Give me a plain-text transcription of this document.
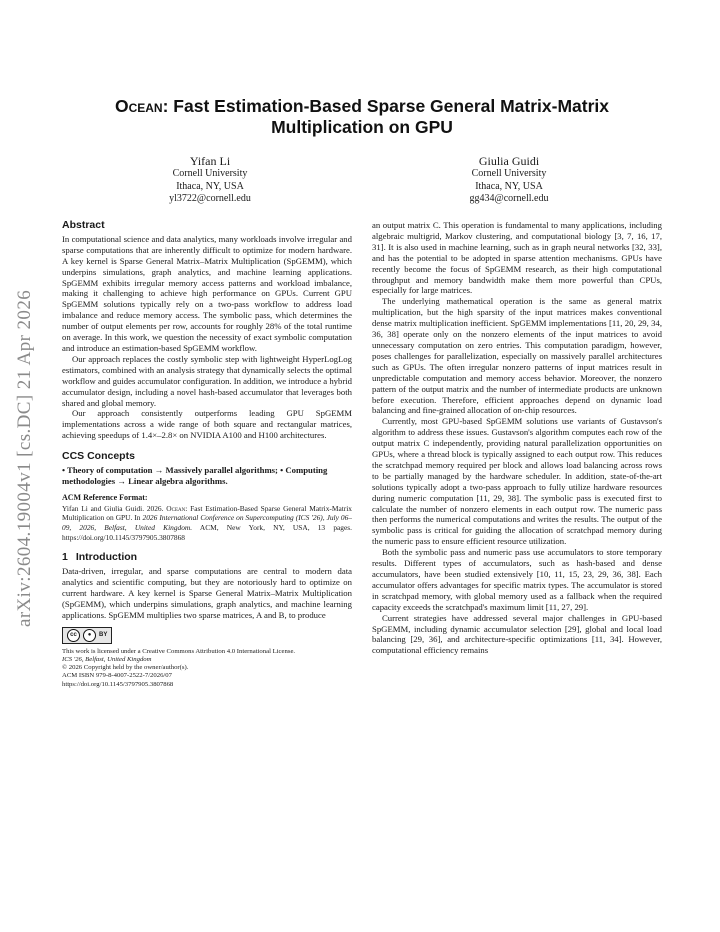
arXiv:2604.19004v1 [cs.DC] 21 Apr 2026
Ocean: Fast Estimation-Based Sparse General Matrix-Matrix Multiplication on GPU
Yifan Li
Cornell University
Ithaca, NY, USA
yl3722@cornell.edu
Giulia Guidi
Cornell University
Ithaca, NY, USA
gg434@cornell.edu
Abstract

In computational science and data analytics, many workloads involve irregular and sparse computations that are inherently difficult to optimize for modern hardware. A key kernel is Sparse General Matrix–Matrix Multiplication (SpGEMM), which underpins simulations, graph analytics, and machine learning applications. SpGEMM exhibits irregular memory access patterns and workload imbalance, making it challenging to achieve high performance on GPUs. Current GPU SpGEMM solutions typically rely on a two-pass workflow to address load imbalance and reduce memory access. The symbolic pass, which determines the number of output elements per row, accounts for roughly 28% of the total runtime on average. In this work, we question the necessity of exact symbolic computation and introduce an estimation-based SpGEMM workflow.

Our approach replaces the costly symbolic step with lightweight HyperLogLog estimators, combined with an analysis strategy that dynamically selects the optimal workflow and guides accumulator configuration. In addition, we introduce a hybrid accumulator design, including a novel hash-based accumulator that leverages both shared and global memory.

Our approach consistently outperforms leading GPU SpGEMM implementations across a wide range of both square and rectangular matrices, achieving speedups of 1.4×–2.8× on NVIDIA A100 and H100 architectures.

CCS Concepts

• Theory of computation → Massively parallel algorithms; • Computing methodologies → Linear algebra algorithms.

ACM Reference Format:

Yifan Li and Giulia Guidi. 2026. Ocean: Fast Estimation-Based Sparse General Matrix-Matrix Multiplication on GPU. In 2026 International Conference on Supercomputing (ICS '26), July 06–09, 2026, Belfast, United Kingdom. ACM, New York, NY, USA, 13 pages. https://doi.org/10.1145/3797905.3807868

1 Introduction

Data-driven, irregular, and sparse computations are central to modern data analytics and scientific computing, but they are notoriously hard to optimize on current hardware. A key kernel is Sparse General Matrix–Matrix Multiplication (SpGEMM), which underpins simulations, graph analytics, and machine learning applications. SpGEMM multiplies two sparse matrices, A and B, to produce

cc	●	BY
This work is licensed under a Creative Commons Attribution 4.0 International License.
ICS '26, Belfast, United Kingdom
© 2026 Copyright held by the owner/author(s).
ACM ISBN 979-8-4007-2522-7/2026/07
https://doi.org/10.1145/3797905.3807868

an output matrix C. This operation is fundamental to many applications, including algebraic multigrid, Markov clustering, and computational biology [3, 7, 16, 17, 31]. It is also used in machine learning, such as in graph neural networks [32, 33], and has the potential to be adopted in sparse attention mechanisms. GPUs have recently become the focus of SpGEMM research, as their high computational throughput and memory bandwidth make them more powerful than CPUs, especially for large matrices.

The underlying mathematical operation is the same as general matrix multiplication, but the high sparsity of the input matrices makes conventional dense matrix multiplication inefficient. SpGEMM implementations [11, 20, 29, 34, 36, 38] operate only on the nonzero elements of the input matrices to avoid unnecessary computation on zero entries. This computation paradigm, however, poses challenges for parallelization, especially on massively parallel architectures such as GPUs. The often irregular nonzero patterns of input matrices result in unpredictable computation and memory access behavior. Moreover, the nonzero pattern of the output matrix and the number of intermediate products are unknown before execution. Therefore, efficient approaches depend on dynamic load balancing and fine-grained allocation of on-chip resources.

Currently, most GPU-based SpGEMM solutions use variants of Gustavson's algorithm to address these issues. Gustavson's algorithm computes each row of the output matrix C independently, providing natural parallelization opportunities on GPUs, where a thread block is typically assigned to each output row. This reduces the scratchpad memory required per block and allows load balancing across rows to be partially managed by the hardware scheduler. In addition, state-of-the-art solutions typically adopt a two-pass approach to fully utilize hardware resources during numeric computation [11, 29, 38]. The symbolic pass is executed first to calculate the number of nonzero elements in each output row. The numeric pass then performs the numerical computations and writes the results. The output of the symbolic pass is critical for guiding the allocation of scratchpad memory during the numeric pass to ensure efficient resource utilization.

Both the symbolic pass and numeric pass use accumulators to store temporary results. Different types of accumulators, such as hash-based and dense accumulators, have been studied extensively [10, 11, 15, 23, 29, 36, 38]. Each accumulator offers advantages for specific matrix types. The accumulator is stored in scratchpad memory, with global memory used as a fallback when the required capacity exceeds the scratchpad's maximum limit [11, 27, 29].

Current strategies have addressed several major challenges in GPU-based SpGEMM, including dynamic accumulator selection [29], global and local load balancing [29, 36], and architecture-specific optimizations [11, 34]. However, computational efficiency remains
